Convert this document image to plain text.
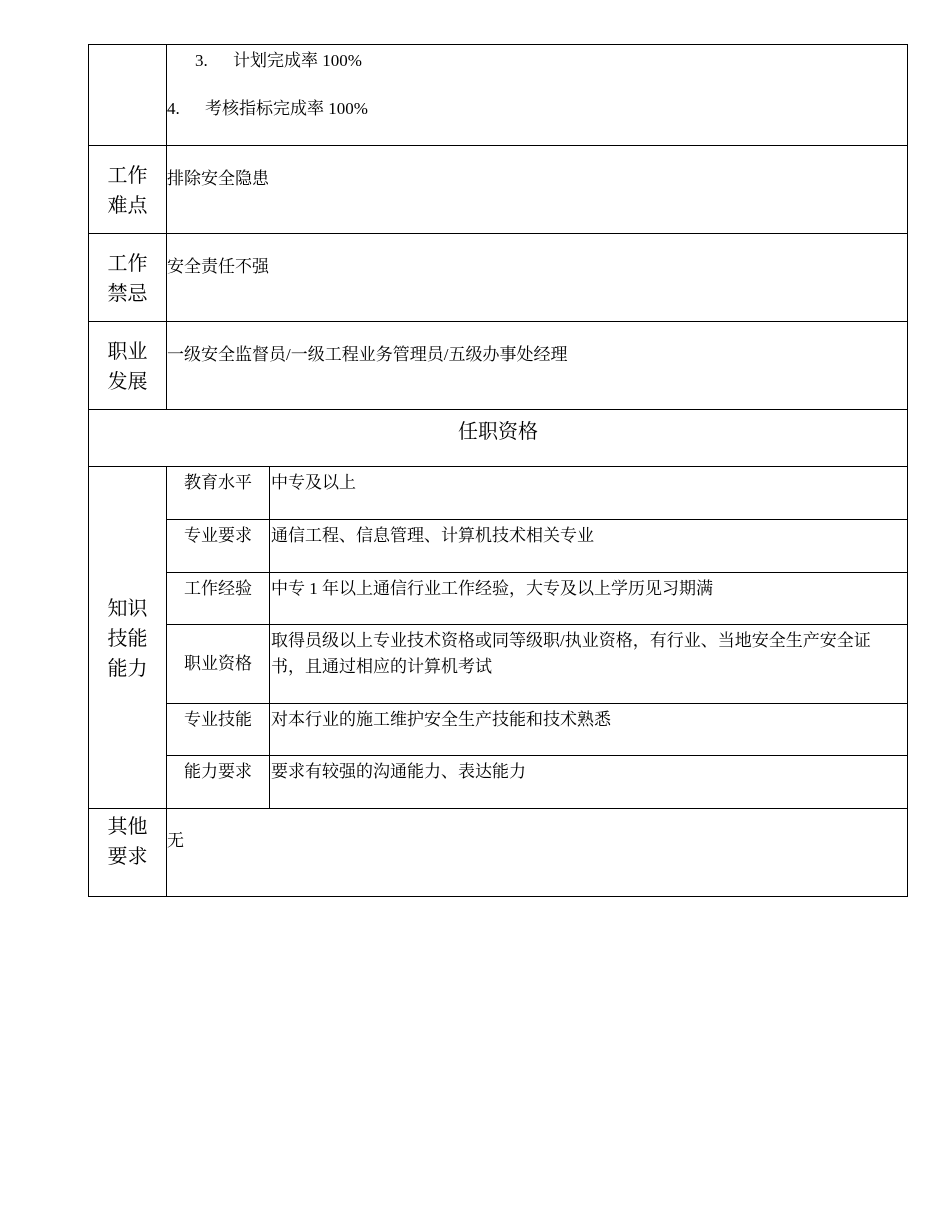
	3. 计划完成率 100%
4. 考核指标完成率 100%	

工作
难点	排除安全隐患	

工作
禁忌	安全责任不强	

职业
发展	一级安全监督员/一级工程业务管理员/五级办事处经理	
任职资格		

知识
技能
能力	教育水平	中专及以上
	专业要求	通信工程、信息管理、计算机技术相关专业
	工作经验	中专 1 年以上通信行业工作经验，大专及以上学历见习期满
	职业资格	取得员级以上专业技术资格或同等级职/执业资格，有行业、当地安全生产安全证书，且通过相应的计算机考试
	专业技能	对本行业的施工维护安全生产技能和技术熟悉
	能力要求	要求有较强的沟通能力、表达能力

其他
要求	无	
